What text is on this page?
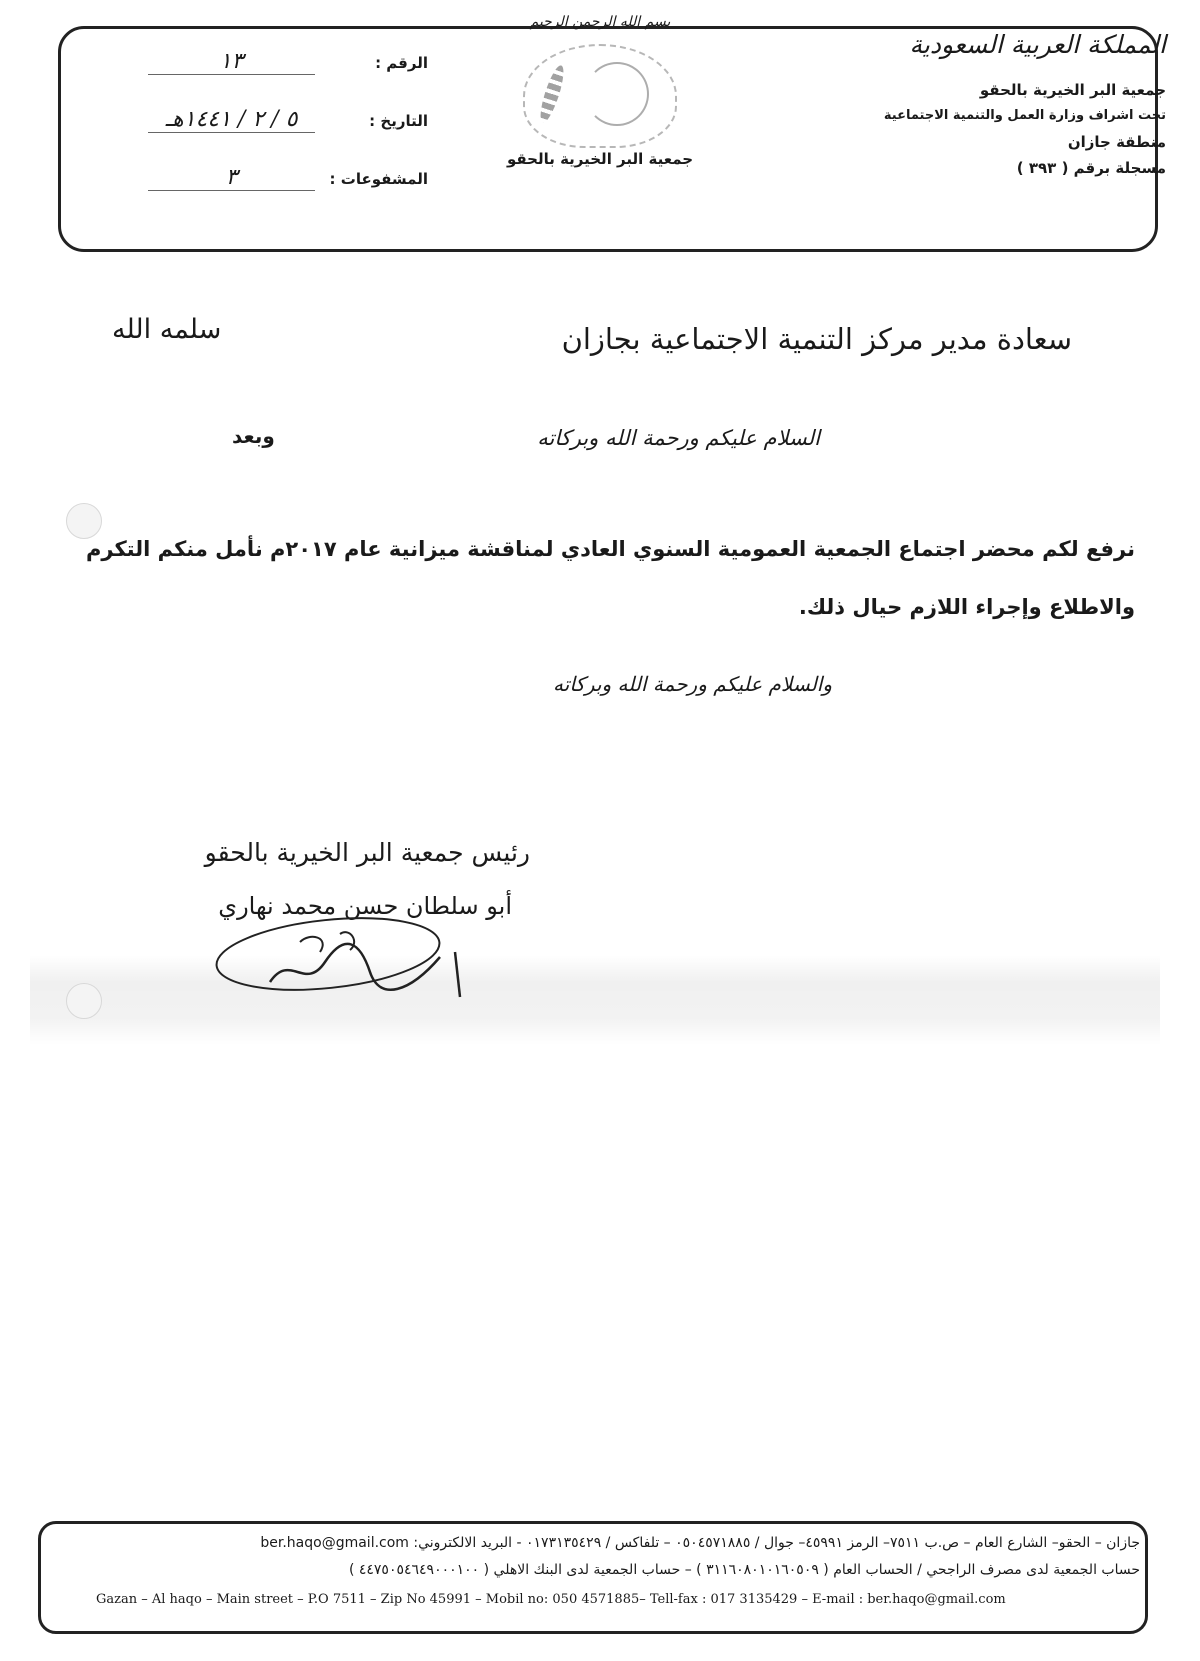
المملكة العربية السعودية
جمعية البر الخيرية بالحقو
تحت اشراف وزارة العمل والتنمية الاجتماعية
منطقة جازان
مسجلة برقم ( ٣٩٣ )
بسم الله الرحمن الرحيم
جمعية البر الخيرية بالحقو
الرقم :
١٣
التاريخ :
٥ / ٢ / ١٤٤١هـ
المشفوعات :
٣
سعادة مدير مركز التنمية الاجتماعية بجازان
سلمه الله
السلام عليكم ورحمة الله وبركاته
وبعد
نرفع لكم محضر اجتماع الجمعية العمومية السنوي العادي لمناقشة ميزانية عام ٢٠١٧م نأمل منكم التكرم
والاطلاع وإجراء اللازم حيال ذلك.
والسلام عليكم ورحمة الله وبركاته
رئيس جمعية البر الخيرية بالحقو
أبو سلطان حسن محمد نهاري
جازان – الحقو– الشارع العام – ص.ب ٧٥١١– الرمز ٤٥٩٩١– جوال / ٠٥٠٤٥٧١٨٨٥ – تلفاكس / ٠١٧٣١٣٥٤٢٩ - البريد الالكتروني: ber.haqo@gmail.com
حساب الجمعية لدى مصرف الراجحي / الحساب العام ( ٣١١٦٠٨٠١٠١٦٠٥٠٩ ) – حساب الجمعية لدى البنك الاهلي ( ٤٤٧٥٠٥٤٦٤٩٠٠٠١٠٠ )
Gazan – Al haqo – Main street – P.O 7511 – Zip No 45991 – Mobil no: 050 4571885– Tell-fax : 017 3135429 – E-mail : ber.haqo@gmail.com
